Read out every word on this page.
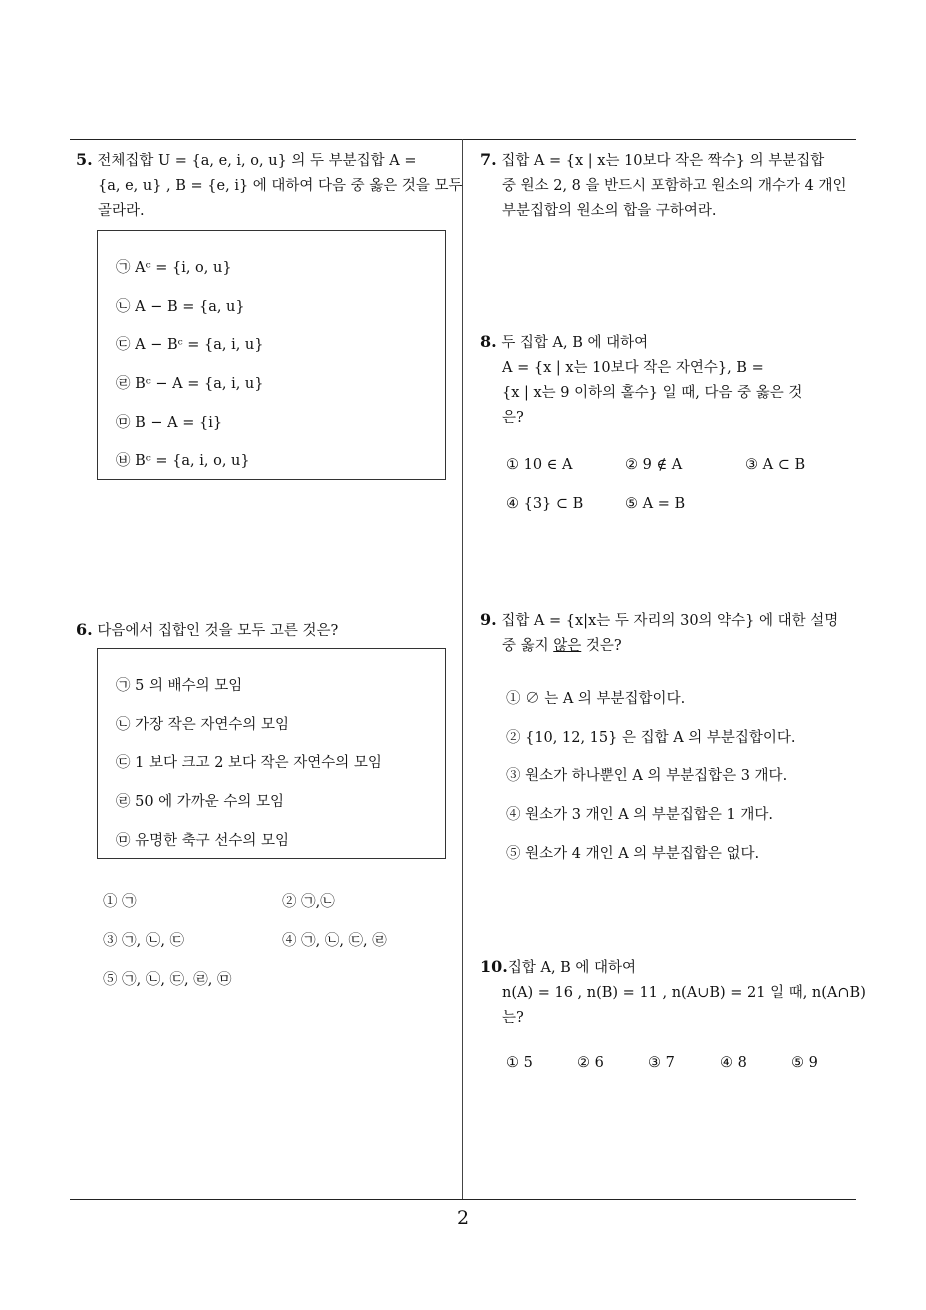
2
5. 전체집합 U = {a, e, i, o, u} 의 두 부분집합 A =
{a, e, u} , B = {e, i} 에 대하여 다음 중 옳은 것을 모두
골라라.
㉠ Aᶜ = {i, o, u}
㉡ A − B = {a, u}
㉢ A − Bᶜ = {a, i, u}
㉣ Bᶜ − A = {a, i, u}
㉤ B − A = {i}
㉥ Bᶜ = {a, i, o, u}
6. 다음에서 집합인 것을 모두 고른 것은?
㉠ 5 의 배수의 모임
㉡ 가장 작은 자연수의 모임
㉢ 1 보다 크고 2 보다 작은 자연수의 모임
㉣ 50 에 가까운 수의 모임
㉤ 유명한 축구 선수의 모임
① ㉠	② ㉠,㉡
③ ㉠, ㉡, ㉢	④ ㉠, ㉡, ㉢, ㉣
⑤ ㉠, ㉡, ㉢, ㉣, ㉤
7. 집합 A = {x | x는 10보다 작은 짝수} 의 부분집합
중 원소 2, 8 을 반드시 포함하고 원소의 개수가 4 개인
부분집합의 원소의 합을 구하여라.
8. 두 집합 A, B 에 대하여
A = {x | x는 10보다 작은 자연수}, B =
{x | x는 9 이하의 홀수} 일 때, 다음 중 옳은 것
은?
① 10 ∈ A	② 9 ∉ A	③ A ⊂ B
④ {3} ⊂ B	⑤ A = B
9. 집합 A = {x|x는 두 자리의 30의 약수} 에 대한 설명
중 옳지 않은 것은?
① ∅ 는 A 의 부분집합이다.
② {10, 12, 15} 은 집합 A 의 부분집합이다.
③ 원소가 하나뿐인 A 의 부분집합은 3 개다.
④ 원소가 3 개인 A 의 부분집합은 1 개다.
⑤ 원소가 4 개인 A 의 부분집합은 없다.
10.집합 A, B 에 대하여
n(A) = 16 , n(B) = 11 , n(A∪B) = 21 일 때, n(A∩B)
는?
① 5	② 6	③ 7	④ 8	⑤ 9
